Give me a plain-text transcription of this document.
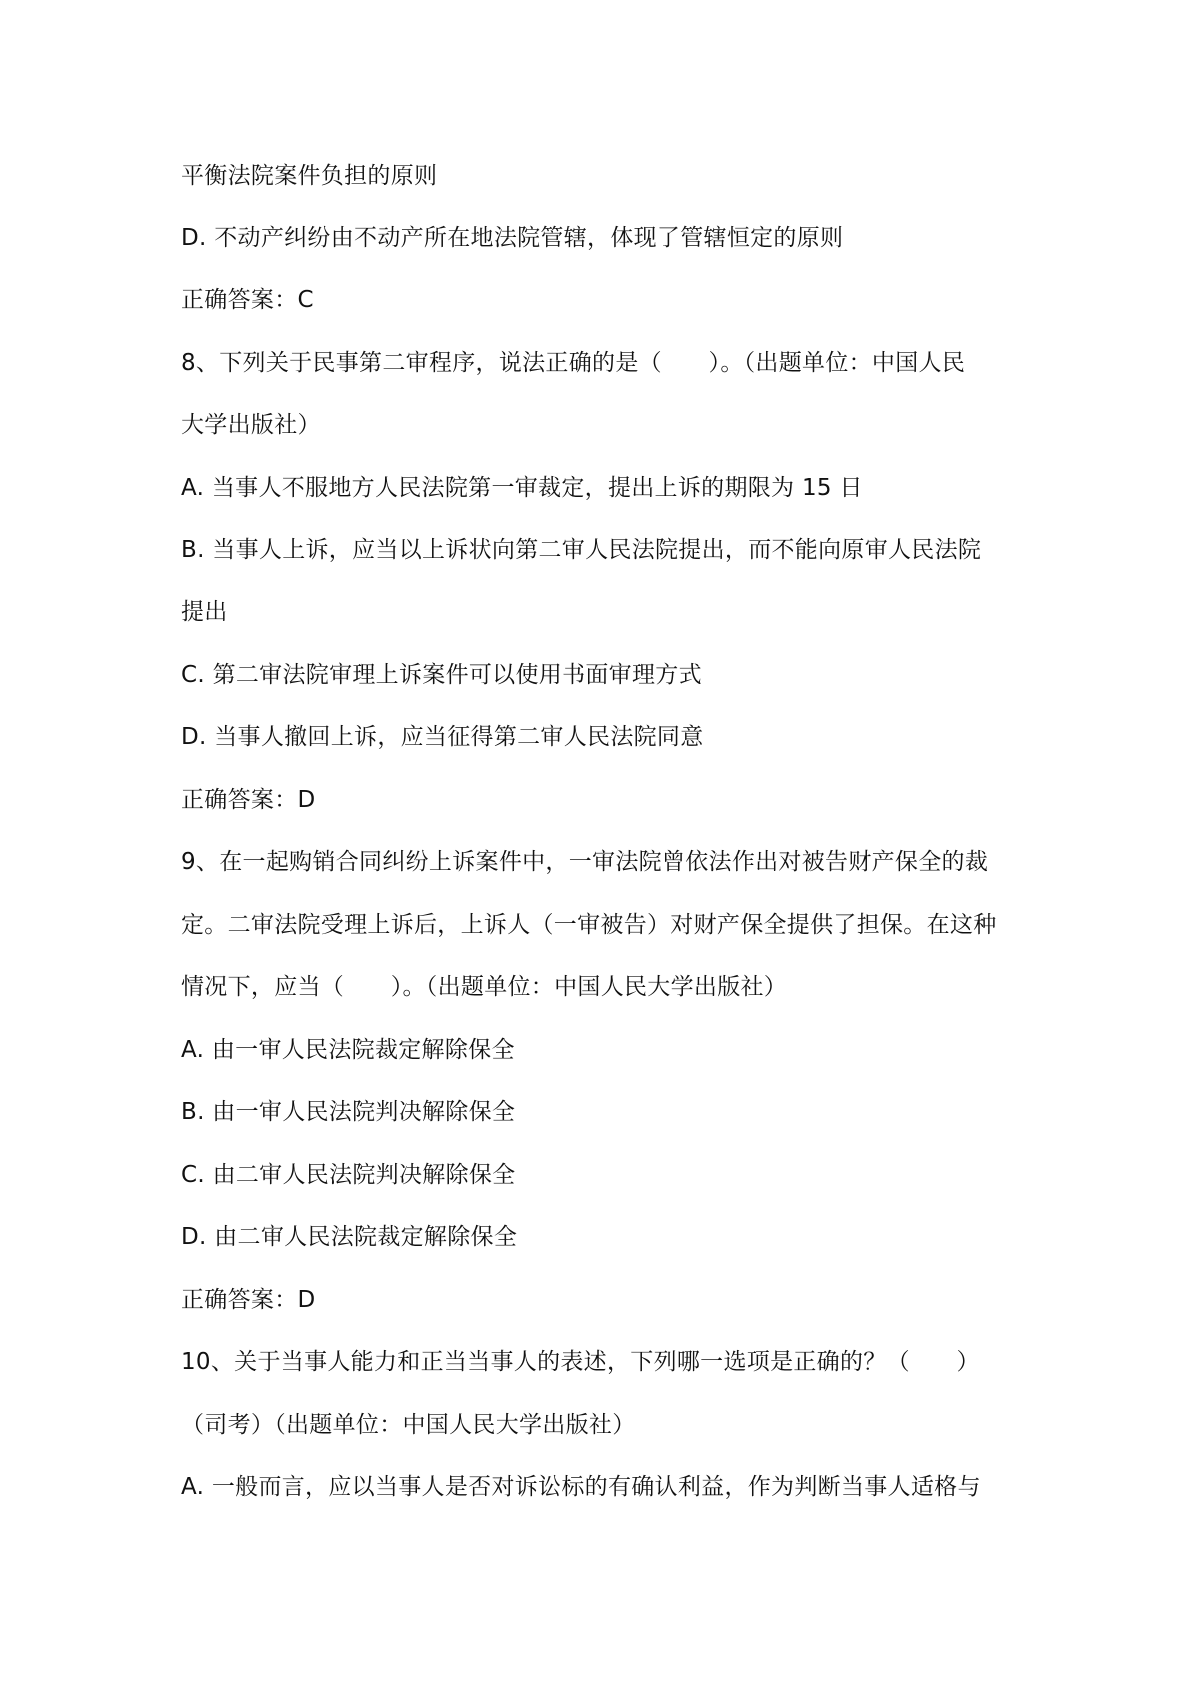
平衡法院案件负担的原则
D. 不动产纠纷由不动产所在地法院管辖，体现了管辖恒定的原则
正确答案：C
8、下列关于民事第二审程序，说法正确的是（　　）。（出题单位：中国人民
大学出版社）
A. 当事人不服地方人民法院第一审裁定，提出上诉的期限为 15 日
B. 当事人上诉，应当以上诉状向第二审人民法院提出，而不能向原审人民法院
提出
C. 第二审法院审理上诉案件可以使用书面审理方式
D. 当事人撤回上诉，应当征得第二审人民法院同意
正确答案：D
9、在一起购销合同纠纷上诉案件中，一审法院曾依法作出对被告财产保全的裁
定。二审法院受理上诉后，上诉人（一审被告）对财产保全提供了担保。在这种
情况下，应当（　　）。（出题单位：中国人民大学出版社）
A. 由一审人民法院裁定解除保全
B. 由一审人民法院判决解除保全
C. 由二审人民法院判决解除保全
D. 由二审人民法院裁定解除保全
正确答案：D
10、关于当事人能力和正当当事人的表述，下列哪一选项是正确的？（　　）
（司考）（出题单位：中国人民大学出版社）
A. 一般而言，应以当事人是否对诉讼标的有确认利益，作为判断当事人适格与
